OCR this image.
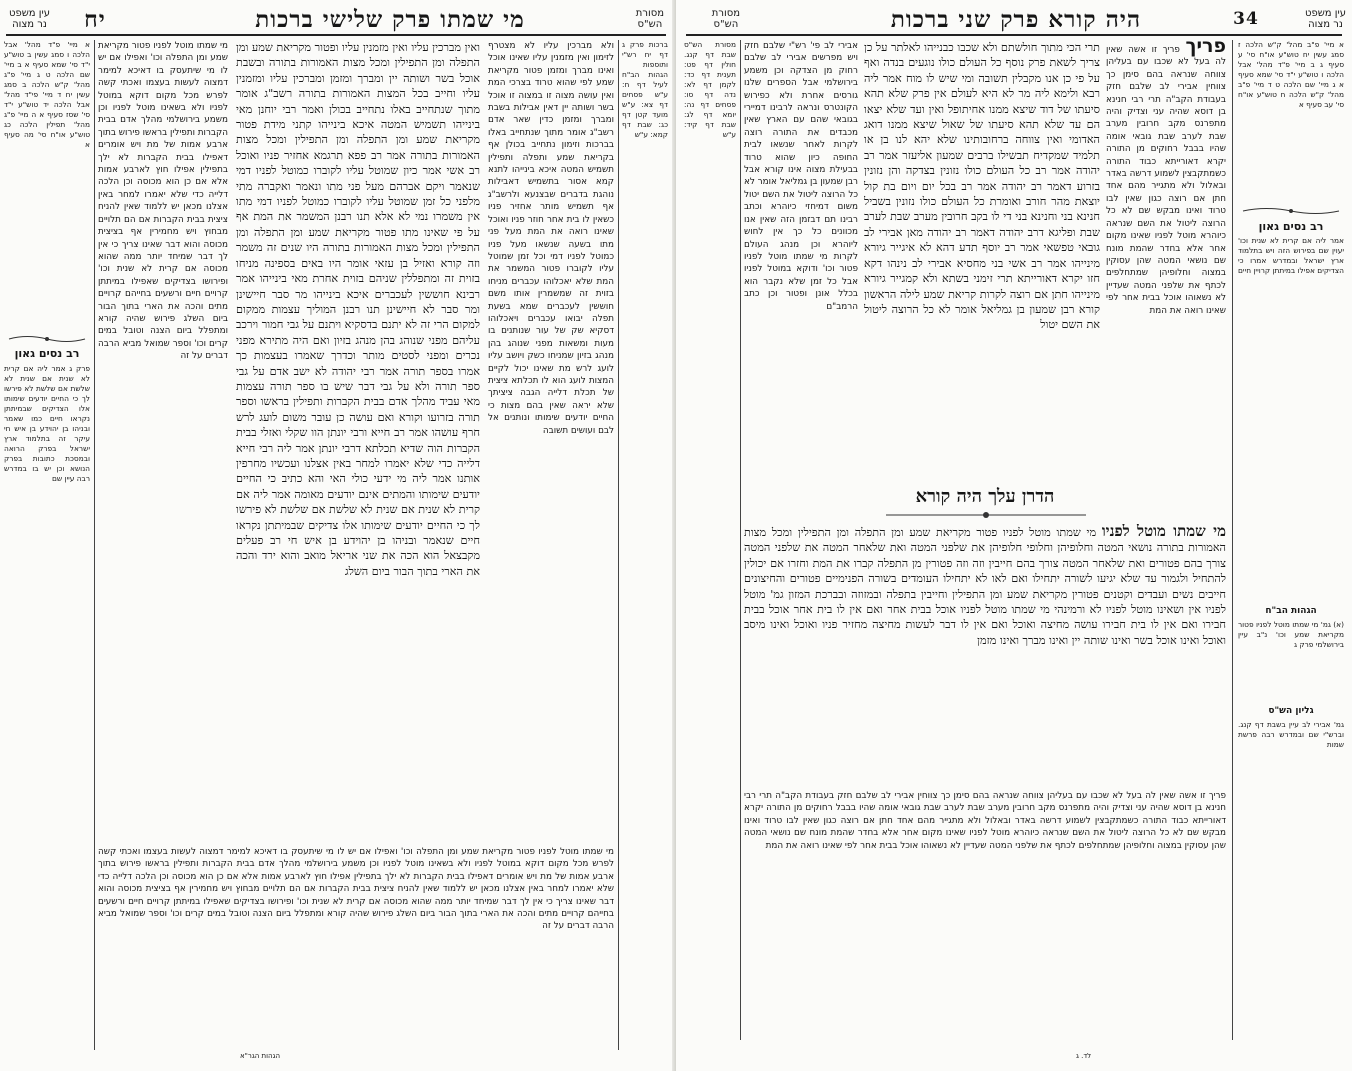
עין משפט
נר מצוה	יח	מי שמתו פרק שלישי ברכות	מסורת
הש"ס
א מיי' פ"ד מהל' אבל הלכה ו סמג עשין ב טוש"ע י"ד סי' שמא סעיף א ב מיי' שם הלכה ט ג מיי' פ"ג מהל' ק"ש הלכה ב סמג עשין יח ד מיי' פי"ד מהל' אבל הלכה יד טוש"ע י"ד סי' שסז סעיף א ה מיי' פ"ג מהל' תפילין הלכה כג טוש"ע או"ח סי' מה סעיף א
רב נסים גאון
פרק ג אמר ליה אם קרית לא שנית אם שנית לא שלשת אם שלשת לא פירשו לך כי החיים יודעים שימותו אלו הצדיקים שבמיתתן נקראו חיים כמו שאמר ובניהו בן יהוידע בן איש חי עיקר זה בתלמוד ארץ ישראל בפרק הרואה ובמסכת כתובות בפרק הנושא וכן יש בו במדרש רבה עיין שם
מי שמתו מוטל לפניו פטור מקריאת שמע ומן התפלה וכו' ואפילו אם יש לו מי שיתעסק בו דאיכא למימר דמצוה לעשות בעצמו ואכתי קשה לפרש מכל מקום דוקא במוטל לפניו ולא בשאינו מוטל לפניו וכן משמע בירושלמי מהלך אדם בבית הקברות ותפילין בראשו פירוש בתוך ארבע אמות של מת ויש אומרים דאפילו בבית הקברות לא ילך בתפילין אפילו חוץ לארבע אמות אלא אם כן הוא מכוסה וכן הלכה דלייה כדי שלא יאמרו למחר באין אצלנו מכאן יש ללמוד שאין להניח ציצית בבית הקברות אם הם תלויים מבחוץ ויש מחמירין אף בציצית מכוסה והוא דבר שאינו צריך כי אין לך דבר שמיחד יותר ממה שהוא מכוסה אם קרית לא שנית וכו' ופירושו בצדיקים שאפילו במיתתן קרויים חיים ורשעים בחייהם קרויים מתים והכה את הארי בתוך הבור ביום השלג פירוש שהיה קורא ומתפלל ביום הצנה וטובל במים קרים וכו' וספר שמואל מביא הרבה דברים על זה
ואין מברכין עליו ואין מזמנין עליו ופטור מקריאת שמע ומן התפלה ומן התפילין ומכל מצות האמורות בתורה ובשבת אוכל בשר ושותה יין ומברך ומזמן ומברכין עליו ומזמנין עליו וחייב בכל המצות האמורות בתורה רשב"ג אומר מתוך שנתחייב באלו נתחייב בכולן ואמר רבי יוחנן מאי בינייהו תשמיש המטה איכא בינייהו קתני מידת פטור מקריאת שמע ומן התפלה ומן התפילין ומכל מצות האמורות בתורה אמר רב פפא תרגמא אחזיר פניו ואוכל רב אשי אמר כיון שמוטל עליו לקוברו כמוטל לפניו דמי שנאמר ויקם אברהם מעל פני מתו ונאמר ואקברה מתי מלפני כל זמן שמוטל עליו לקוברו כמוטל לפניו דמי מתו אין משמרו נמי לא אלא תנו רבנן המשמר את המת אף על פי שאינו מתו פטור מקריאת שמע ומן התפלה ומן התפילין ומכל מצות האמורות בתורה היו שנים זה משמר וזה קורא ואזיל בן עזאי אומר היו באים בספינה מניחו בזוית זה ומתפללין שניהם בזוית אחרת מאי בינייהו אמר רבינא חוששין לעכברים איכא בינייהו מר סבר חיישינן ומר סבר לא חיישינן תנו רבנן המוליך עצמות ממקום למקום הרי זה לא יתנם בדסקיא ויתנם על גבי חמור וירכב עליהם מפני שנוהג בהן מנהג בזיון ואם היה מתירא מפני נכרים ומפני לסטים מותר וכדרך שאמרו בעצמות כך אמרו בספר תורה אמר רבי יהודה לא ישב אדם על גבי ספר תורה ולא על גבי דבר שיש בו ספר תורה עצמות מאי עביד מהלך אדם בבית הקברות ותפילין בראשו וספר תורה בזרועו וקורא ואם עושה כן עובר משום לועג לרש חרף עושהו אמר רב חייא ורבי יונתן הוו שקלי ואזלי בבית הקברות הוה שדיא תכלתא דרבי יונתן אמר ליה רבי חייא דלייה כדי שלא יאמרו למחר באין אצלנו ועכשיו מחרפין אותנו אמר ליה מי ידעי כולי האי והא כתיב כי החיים יודעים שימותו והמתים אינם יודעים מאומה אמר ליה אם קרית לא שנית אם שנית לא שלשת אם שלשת לא פירשו לך כי החיים יודעים שימותו אלו צדיקים שבמיתתן נקראו חיים שנאמר ובניהו בן יהוידע בן איש חי רב פעלים מקבצאל הוא הכה את שני אריאל מואב והוא ירד והכה את הארי בתוך הבור ביום השלג
ולא מברכין עליו לא מצטרף לזימון ואין מזמנין עליו שאינו אוכל ואינו מברך ומזמן פטור מקריאת שמע לפי שהוא טרוד בצרכי המת ואין עושה מצוה זו במצוה זו אוכל בשר ושותה יין דאין אבילות בשבת ומברך ומזמן כדין שאר אדם רשב"ג אומר מתוך שנתחייב באלו בברכות וזימון נתחייב בכולן אף בקריאת שמע ותפלה ותפילין תשמיש המטה איכא בינייהו לתנא קמא אסור בתשמיש דאבילות נוהגת בדברים שבצנעא ולרשב"ג אף תשמיש מותר אחזיר פניו כשאין לו בית אחר חוזר פניו ואוכל שאינו רואה את המת מעל פני מתו בשעה שנשאו מעל פניו כמוטל לפניו דמי וכל זמן שמוטל עליו לקוברו פטור המשמר את המת שלא יאכלוהו עכברים מניחו בזוית זה שמשמרין אותו משם חוששין לעכברים שמא בשעת תפלה יבואו עכברים ויאכלוהו דסקיא שק של עור שנותנים בו מעות ומשאות מפני שנוהג בהן מנהג בזיון שמניחו כשק ויושב עליו לועג לרש מת שאינו יכול לקיים המצות לועג הוא לו תכלתא ציצית של תכלת דלייה הגבה ציציתך שלא יראה שאין בהם מצות כי החיים יודעים שימותו ונותנים אל לבם ועושים תשובה
ברכות פרק ג דף יח רש"י ותוספות הגהות הב"ח לעיל דף ח: ע"ש פסחים דף צא: ע"ש מועד קטן דף כג: שבת דף קמא: ע"ש
מי שמתו מוטל לפניו פטור מקריאת שמע ומן התפלה וכו' ואפילו אם יש לו מי שיתעסק בו דאיכא למימר דמצוה לעשות בעצמו ואכתי קשה לפרש מכל מקום דוקא במוטל לפניו ולא בשאינו מוטל לפניו וכן משמע בירושלמי מהלך אדם בבית הקברות ותפילין בראשו פירוש בתוך ארבע אמות של מת ויש אומרים דאפילו בבית הקברות לא ילך בתפילין אפילו חוץ לארבע אמות אלא אם כן הוא מכוסה וכן הלכה דלייה כדי שלא יאמרו למחר באין אצלנו מכאן יש ללמוד שאין להניח ציצית בבית הקברות אם הם תלויים מבחוץ ויש מחמירין אף בציצית מכוסה והוא דבר שאינו צריך כי אין לך דבר שמיחד יותר ממה שהוא מכוסה אם קרית לא שנית וכו' ופירושו בצדיקים שאפילו במיתתן קרויים חיים ורשעים בחייהם קרויים מתים והכה את הארי בתוך הבור ביום השלג פירוש שהיה קורא ומתפלל ביום הצנה וטובל במים קרים וכו' וספר שמואל מביא הרבה דברים על זה
הגהות הגר"א
מסורת
הש"ס	היה קורא פרק שני ברכות	34	עין משפט
נר מצוה
מסורת הש"ס שבת דף קנג. חולין דף פט: תענית דף כד: לקמן דף לא: נדה דף סו: פסחים דף נה: יומא דף לג: שבת דף קיד: ע"ש
אבירי לב פי' רש"י שלבם חזק ויש מפרשים אבירי לב שלבם רחוק מן הצדקה וכן משמע בירושלמי אבל הספרים שלנו גורסים אחרת ולא כפירוש הקונטרס ונראה לרבינו דמיירי בגובאי שהם עם הארץ שאין מכבדים את התורה רוצה לקרות לאחר שנשאו לבית החופה כיון שהוא טרוד בבעילת מצוה אינו קורא אבל רבן שמעון בן גמליאל אומר לא כל הרוצה ליטול את השם יטול משום דמיחזי כיוהרא וכתב רבינו תם דבזמן הזה שאין אנו מכוונים כל כך אין לחוש ליוהרא וכן מנהג העולם לקרות מי שמתו מוטל לפניו פטור וכו' ודוקא במוטל לפניו אבל כל זמן שלא נקבר הוא בכלל אונן ופטור וכן כתב הרמב"ם
תרי הכי מתוך חולשתם ולא שכבו כבנייהו לאלתר על כן צריך לשאת פרק נוסף כל העולם כולו נוגעים בנדה ואף על פי כן אנו מקבלין תשובה ומי שיש לו מוח אמר ליה רבא ולימא ליה מר לא היא לעולם אין פרק שלא תהא סיעתו של דוד שיצא ממנו אחיתופל ואין ועד שלא יצאו הם עד שלא תהא סיעתו של שאול שיצא ממנו דואג האדומי ואין צווחה ברחובותינו שלא יהא לנו בן או תלמיד שמקדיח תבשילו ברבים שמעון אליעזר אמר רב יהודה אמר רב כל העולם כולו נזונין בצדקה והן נזונין בזרוע דאמר רב יהודה אמר רב בכל יום ויום בת קול יוצאת מהר חורב ואומרת כל העולם כולו נזונין בשביל חנינא בני וחנינא בני די לו בקב חרובין מערב שבת לערב שבת ופליגא דרב יהודה דאמר רב יהודה מאן אבירי לב גובאי טפשאי אמר רב יוסף תדע דהא לא איגייר גיורא מינייהו אמר רב אשי בני מחסיא אבירי לב נינהו דקא חזו יקרא דאורייתא תרי זימני בשתא ולא קמגייר גיורא מינייהו חתן אם רוצה לקרות קריאת שמע לילה הראשון קורא רבן שמעון בן גמליאל אומר לא כל הרוצה ליטול את השם יטול
פריך פריך זו אשה שאין לה בעל לא שכבו עם בעליהן צווחה שנראה בהם סימן כך צווחין אבירי לב שלבם חזק בעבודת הקב"ה תרי רבי חנינא בן דוסא שהיה עני וצדיק והיה מתפרנס מקב חרובין מערב שבת לערב שבת גובאי אומה שהיו בבבל רחוקים מן התורה יקרא דאורייתא כבוד התורה כשמתקבצין לשמוע דרשה באדר ובאלול ולא מתגייר מהם אחד חתן אם רוצה כגון שאין לבו טרוד ואינו מבקש שם לא כל הרוצה ליטול את השם שנראה כיוהרא מוטל לפניו שאינו מקום אחר אלא בחדר שהמת מונח שם נושאי המטה שהן עסוקין במצוה וחלופיהן שמתחלפים לכתף את שלפני המטה שעדיין לא נשאוהו אוכל בבית אחר לפי שאינו רואה את המת
הדרן עלך היה קורא
מי שמתו מוטל לפניו מי שמתו מוטל לפניו פטור מקריאת שמע ומן התפלה ומן התפילין ומכל מצות האמורות בתורה נושאי המטה וחלופיהן וחלופי חלופיהן את שלפני המטה ואת שלאחר המטה את שלפני המטה צורך בהם פטורים ואת שלאחר המטה צורך בהם חייבין וזה וזה פטורין מן התפלה קברו את המת וחזרו אם יכולין להתחיל ולגמור עד שלא יגיעו לשורה יתחילו ואם לאו לא יתחילו העומדים בשורה הפנימיים פטורים והחיצונים חייבים נשים ועבדים וקטנים פטורין מקריאת שמע ומן התפילין וחייבין בתפלה ובמזוזה ובברכת המזון גמ' מוטל לפניו אין ושאינו מוטל לפניו לא ורמינהי מי שמתו מוטל לפניו אוכל בבית אחר ואם אין לו בית אחר אוכל בבית חבירו ואם אין לו בית חבירו עושה מחיצה ואוכל ואם אין לו דבר לעשות מחיצה מחזיר פניו ואוכל ואינו מיסב ואוכל ואינו אוכל בשר ואינו שותה יין ואינו מברך ואינו מזמן
פריך זו אשה שאין לה בעל לא שכבו עם בעליהן צווחה שנראה בהם סימן כך צווחין אבירי לב שלבם חזק בעבודת הקב"ה תרי רבי חנינא בן דוסא שהיה עני וצדיק והיה מתפרנס מקב חרובין מערב שבת לערב שבת גובאי אומה שהיו בבבל רחוקים מן התורה יקרא דאורייתא כבוד התורה כשמתקבצין לשמוע דרשה באדר ובאלול ולא מתגייר מהם אחד חתן אם רוצה כגון שאין לבו טרוד ואינו מבקש שם לא כל הרוצה ליטול את השם שנראה כיוהרא מוטל לפניו שאינו מקום אחר אלא בחדר שהמת מונח שם נושאי המטה שהן עסוקין במצוה וחלופיהן שמתחלפים לכתף את שלפני המטה שעדיין לא נשאוהו אוכל בבית אחר לפי שאינו רואה את המת
א מיי' פ"ב מהל' ק"ש הלכה ז סמג עשין יח טוש"ע או"ח סי' ע סעיף ג ב מיי' פ"ד מהל' אבל הלכה ו טוש"ע י"ד סי' שמא סעיף א ג מיי' שם הלכה ט ד מיי' פ"ב מהל' ק"ש הלכה ח טוש"ע או"ח סי' עב סעיף א
רב נסים גאון
אמר ליה אם קרית לא שנית וכו' יעוין שם בפירוש הזה ויש בתלמוד ארץ ישראל ובמדרש אמרו כי הצדיקים אפילו במיתתן קרויין חיים
הגהות הב"ח
(א) גמ' מי שמתו מוטל לפניו פטור מקריאת שמע וכו' נ"ב עיין בירושלמי פרק ג
גליון הש"ס
גמ' אבירי לב עיין בשבת דף קנג. וברש"י שם ובמדרש רבה פרשת שמות
לד. ג
